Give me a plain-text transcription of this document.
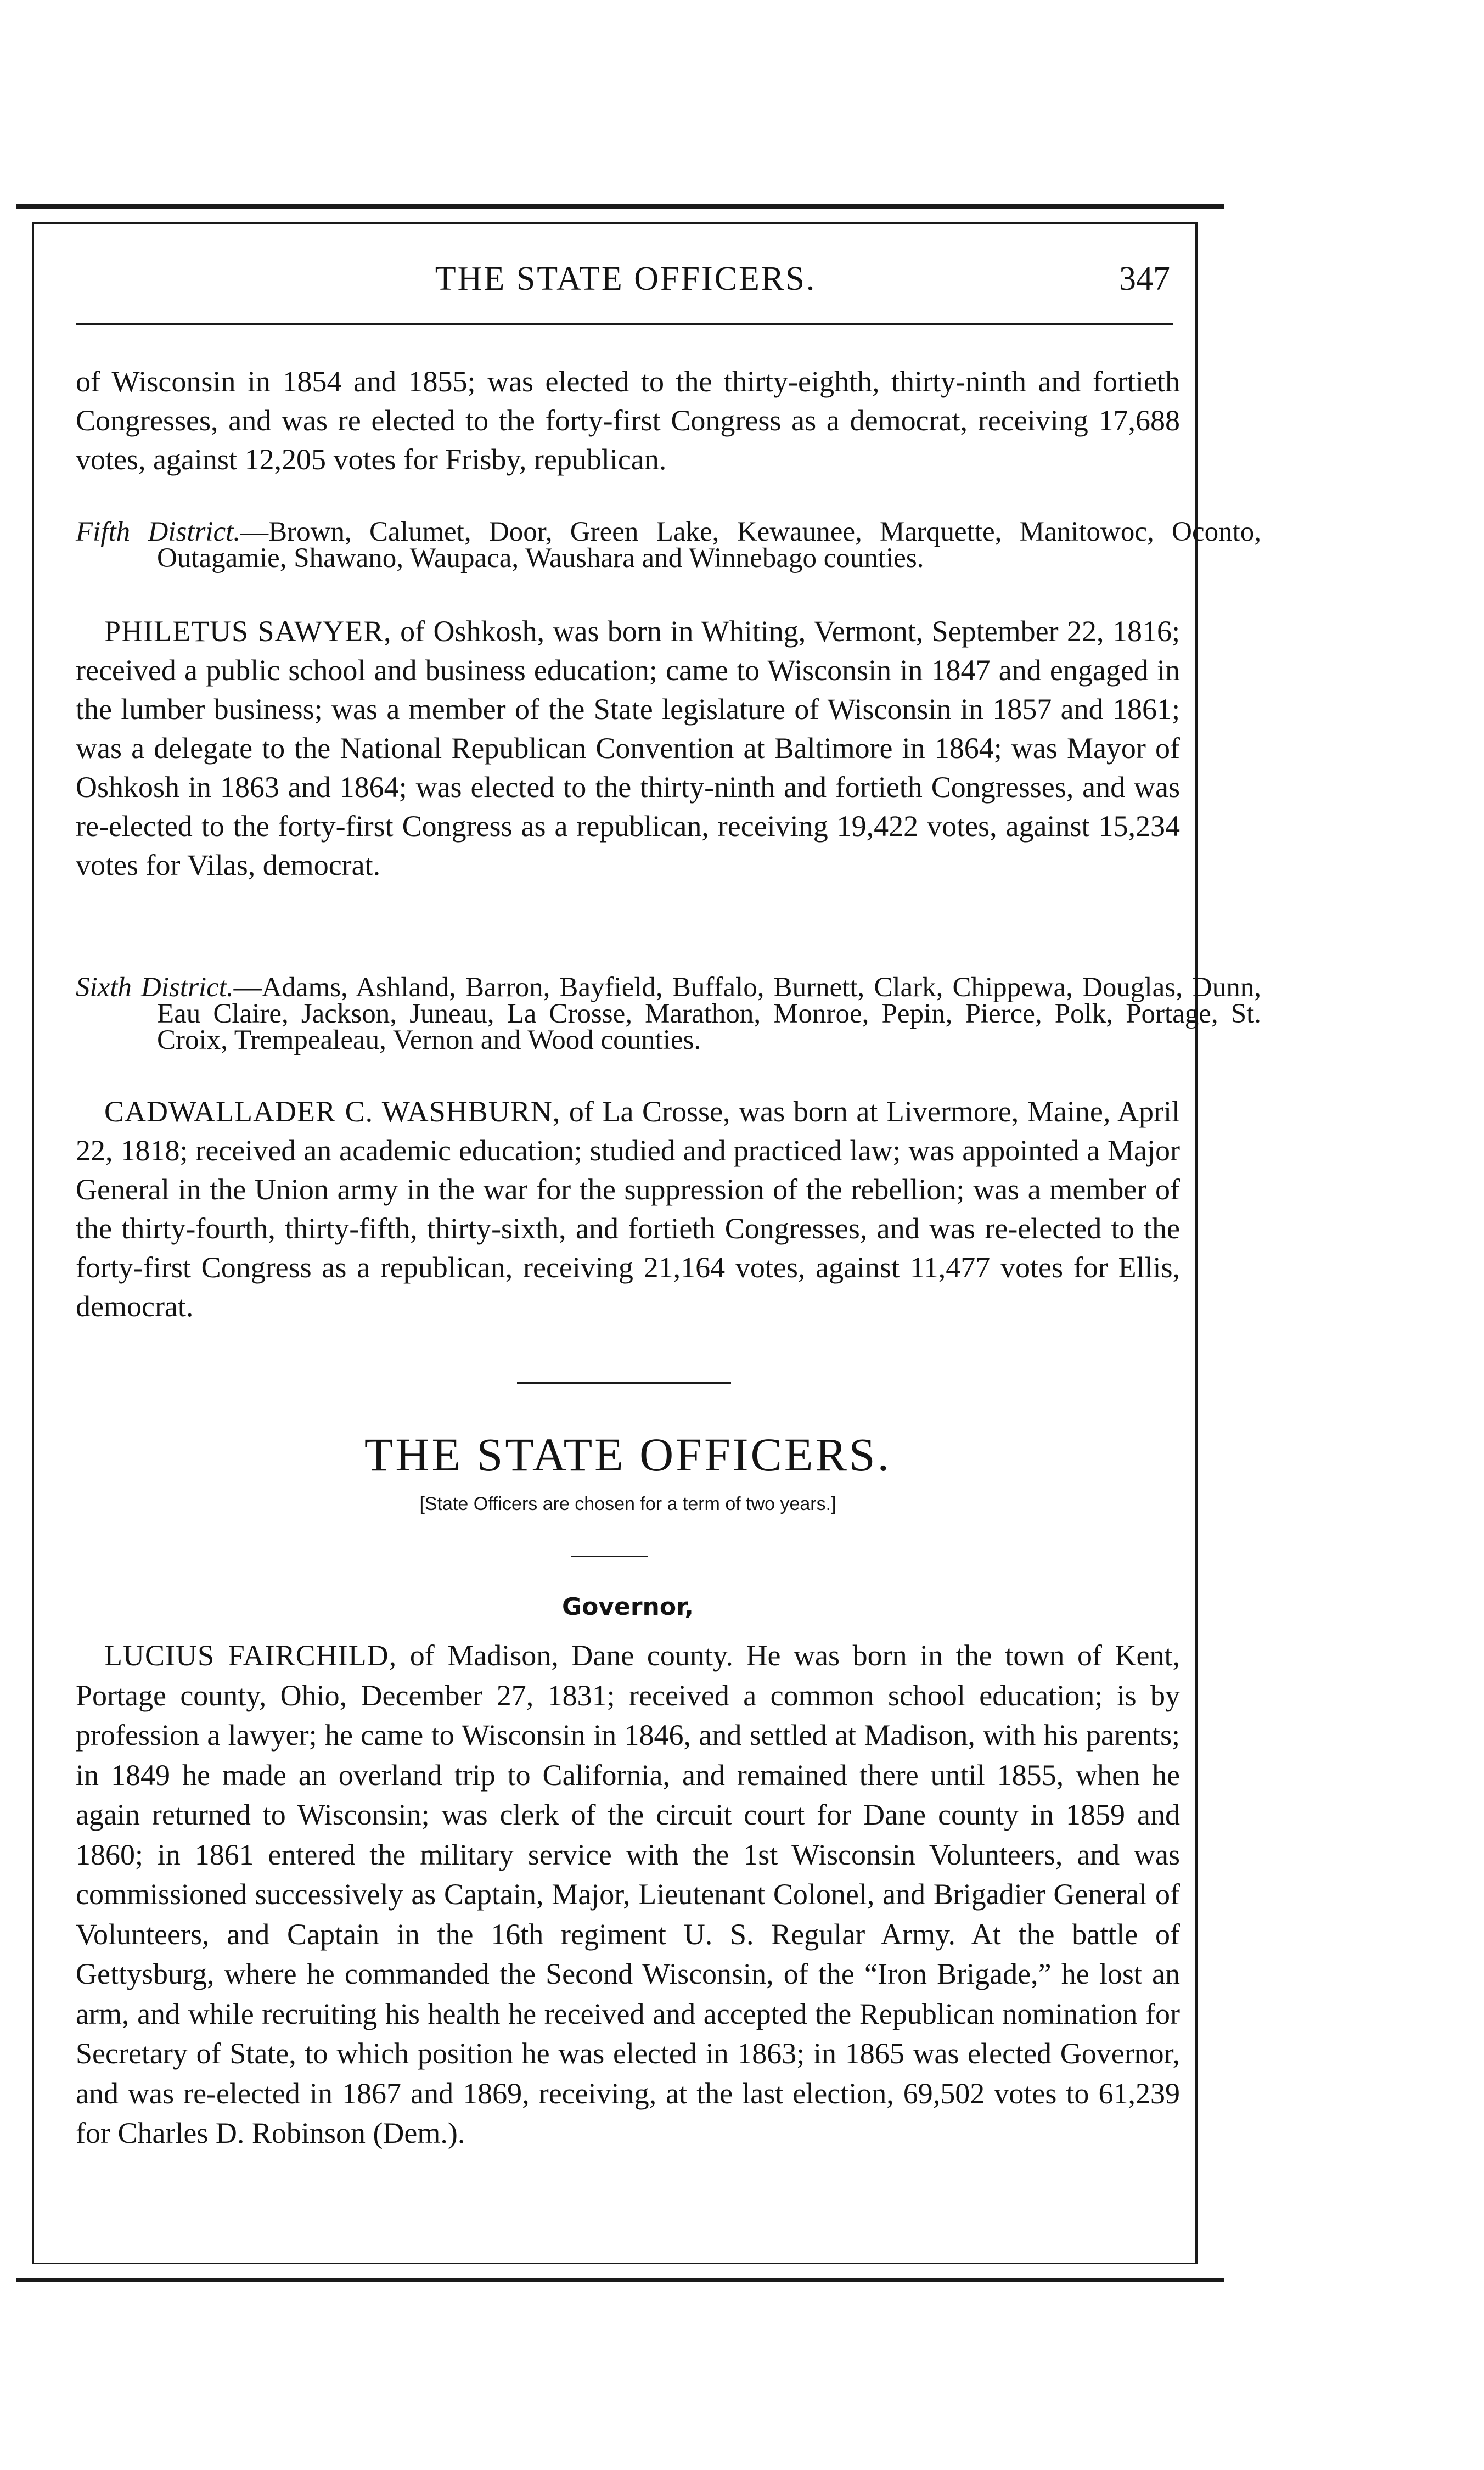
THE STATE OFFICERS.	347

of Wisconsin in 1854 and 1855; was elected to the thirty-eighth, thirty-ninth and fortieth Congresses, and was re elected to the forty-first Congress as a democrat, receiving 17,688 votes, against 12,205 votes for Frisby, republican.

Fifth District.—Brown, Calumet, Door, Green Lake, Kewaunee, Marquette, Manitowoc, Oconto, Outagamie, Shawano, Waupaca, Waushara and Winnebago counties.

PHILETUS SAWYER, of Oshkosh, was born in Whiting, Vermont, September 22, 1816; received a public school and business education; came to Wisconsin in 1847 and engaged in the lumber business; was a member of the State legislature of Wisconsin in 1857 and 1861; was a delegate to the National Republican Convention at Baltimore in 1864; was Mayor of Oshkosh in 1863 and 1864; was elected to the thirty-ninth and fortieth Congresses, and was re-elected to the forty-first Congress as a republican, receiving 19,422 votes, against 15,234 votes for Vilas, democrat.

Sixth District.—Adams, Ashland, Barron, Bayfield, Buffalo, Burnett, Clark, Chippewa, Douglas, Dunn, Eau Claire, Jackson, Juneau, La Crosse, Marathon, Monroe, Pepin, Pierce, Polk, Portage, St. Croix, Trempealeau, Vernon and Wood counties.

CADWALLADER C. WASHBURN, of La Crosse, was born at Livermore, Maine, April 22, 1818; received an academic education; studied and practiced law; was appointed a Major General in the Union army in the war for the suppression of the rebellion; was a member of the thirty-fourth, thirty-fifth, thirty-sixth, and fortieth Congresses, and was re-elected to the forty-first Congress as a republican, receiving 21,164 votes, against 11,477 votes for Ellis, democrat.

THE STATE OFFICERS.
[State Officers are chosen for a term of two years.]
Governor,

LUCIUS FAIRCHILD, of Madison, Dane county. He was born in the town of Kent, Portage county, Ohio, December 27, 1831; received a common school education; is by profession a lawyer; he came to Wisconsin in 1846, and settled at Madison, with his parents; in 1849 he made an overland trip to California, and remained there until 1855, when he again returned to Wisconsin; was clerk of the circuit court for Dane county in 1859 and 1860; in 1861 entered the military service with the 1st Wisconsin Volunteers, and was commissioned successively as Captain, Major, Lieutenant Colonel, and Brigadier General of Volunteers, and Captain in the 16th regiment U. S. Regular Army. At the battle of Gettysburg, where he commanded the Second Wisconsin, of the “Iron Brigade,” he lost an arm, and while recruiting his health he received and accepted the Republican nomination for Secretary of State, to which position he was elected in 1863; in 1865 was elected Governor, and was re-elected in 1867 and 1869, receiving, at the last election, 69,502 votes to 61,239 for Charles D. Robinson (Dem.).
